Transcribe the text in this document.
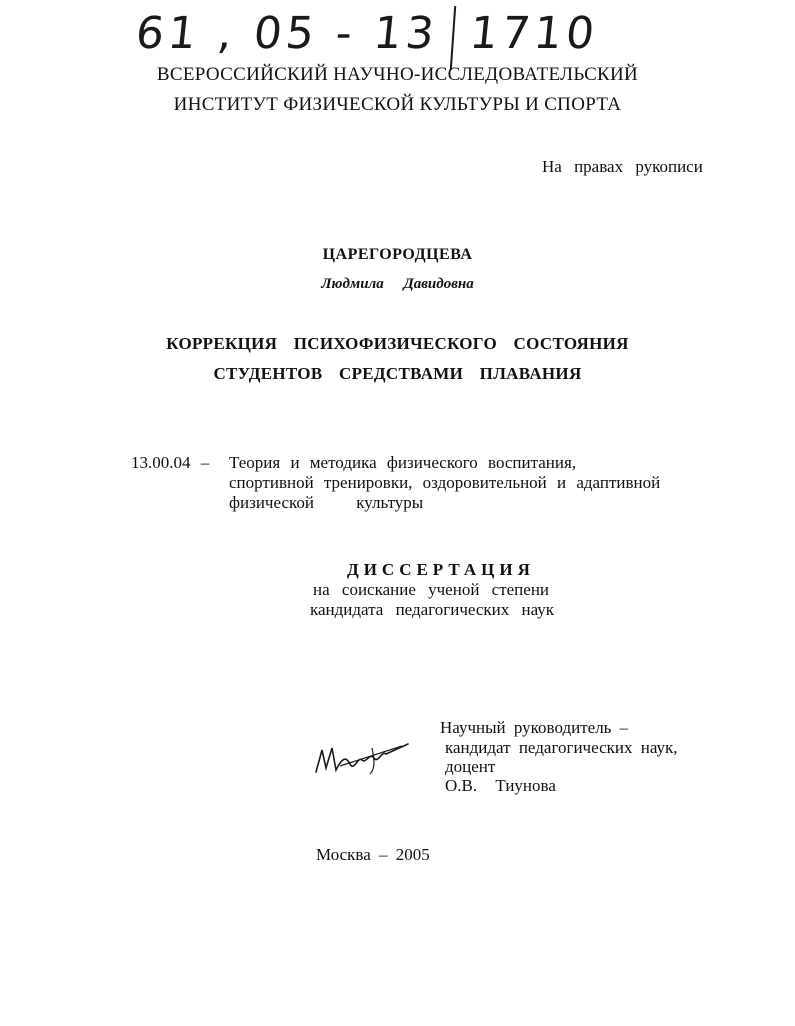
61 , 05 - 13 1710
ВСЕРОССИЙСКИЙ НАУЧНО-ИССЛЕДОВАТЕЛЬСКИЙ
ИНСТИТУТ ФИЗИЧЕСКОЙ КУЛЬТУРЫ И СПОРТА
На правах рукописи
ЦАРЕГОРОДЦЕВА
Людмила Давидовна
КОРРЕКЦИЯ ПСИХОФИЗИЧЕСКОГО СОСТОЯНИЯ
СТУДЕНТОВ СРЕДСТВАМИ ПЛАВАНИЯ
13.00.04 – Теория и методика физического воспитания,
спортивной тренировки, оздоровительной и адаптивной
физической культуры
ДИССЕРТАЦИЯ
на соискание ученой степени
кандидата педагогических наук
Научный руководитель –
кандидат педагогических наук,
доцент
О.В. Тиунова
Москва – 2005
